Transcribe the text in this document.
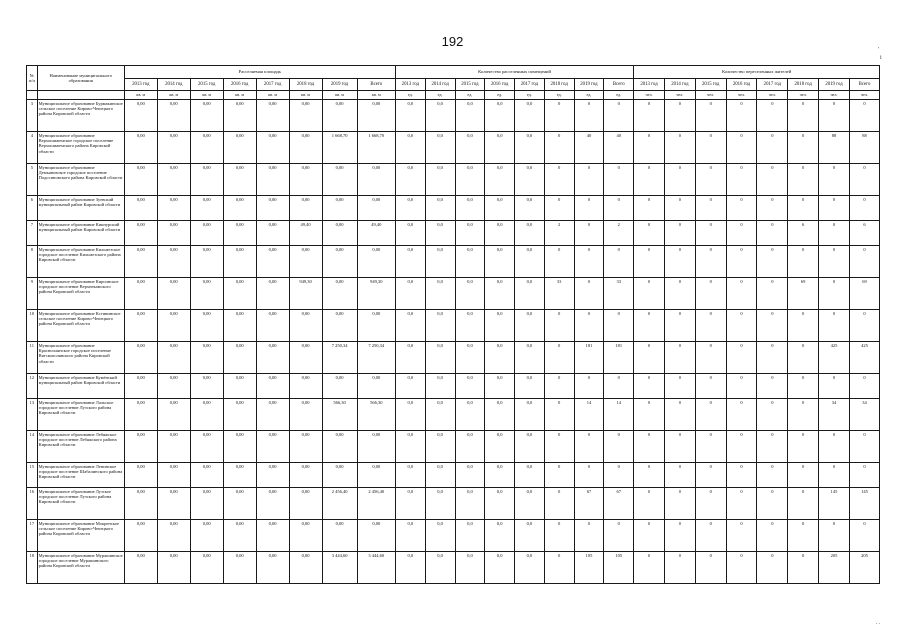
192
'
i
. .
№ п/п	Наименование муниципального образования	Расселяемая площадь								Количество расселенных помещений								Количество переселенных жителей							
		2013 год	2014 год	2015 год	2016 год	2017 год	2018 год	2019 год	Всего	2013 год	2014 год	2015 год	2016 год	2017 год	2018 год	2019 год	Всего	2013 год	2014 год	2015 год	2016 год	2017 год	2018 год	2019 год	Всего
		кв. м	кв. м	кв. м	кв. м	кв. м	кв. м	кв. м	кв. м	ед.	ед.	ед.	ед.	ед.	ед.	ед.	ед.	чел.	чел.	чел.	чел.	чел.	чел.	чел.	чел.
3	Муниципальное образование Бурмакинское сельское поселение Кирово-Чепецкого района Кировской области	0,00	0,00	0,00	0,00	0,00	0,00	0,00	0,00	0,0	0,0	0,0	0,0	0,0	0	0	0	0	0	0	0	0	0	0	0
4	Муниципальное образование Верхошижемское городское поселение Верхошижемского района Кировской области	0,00	0,00	0,00	0,00	0,00	0,00	1 668,70	1 668,70	0,0	0,0	0,0	0,0	0,0	0	40	40	0	0	0	0	0	0	88	88
5	Муниципальное образование Демьяновское городское поселение Подосиновского района Кировской области	0,00	0,00	0,00	0,00	0,00	0,00	0,00	0,00	0,0	0,0	0,0	0,0	0,0	0	0	0	0	0	0	0	0	0	0	0
6	Муниципальное образование Зуевский муниципальный район Кировской области	0,00	0,00	0,00	0,00	0,00	0,00	0,00	0,00	0,0	0,0	0,0	0,0	0,0	0	0	0	0	0	0	0	0	0	0	0
7	Муниципальное образование Кикнурский муниципальный район Кировской области	0,00	0,00	0,00	0,00	0,00	49,40	0,00	49,40	0,0	0,0	0,0	0,0	0,0	2	0	2	0	0	0	0	0	6	0	6
8	Муниципальное образование Кильмезское городское поселение Кильмезского района Кировской области	0,00	0,00	0,00	0,00	0,00	0,00	0,00	0,00	0,0	0,0	0,0	0,0	0,0	0	0	0	0	0	0	0	0	0	0	0
9	Муниципальное образование Кирсинское городское поселение Верхнекамского района Кировской области	0,00	0,00	0,00	0,00	0,00	949,30	0,00	949,30	0,0	0,0	0,0	0,0	0,0	33	0	33	0	0	0	0	0	69	0	69
10	Муниципальное образование Кстининское сельское поселение Кирово-Чепецкого района Кировской области	0,00	0,00	0,00	0,00	0,00	0,00	0,00	0,00	0,0	0,0	0,0	0,0	0,0	0	0	0	0	0	0	0	0	0	0	0
11	Муниципальное образование Красноплянское городское поселение Вятскополянского района Кировской области	0,00	0,00	0,00	0,00	0,00	0,00	7 250,34	7 250,34	0,0	0,0	0,0	0,0	0,0	0	181	181	0	0	0	0	0	0	425	425
12	Муниципальное образование Кумёнский муниципальный район Кировской области	0,00	0,00	0,00	0,00	0,00	0,00	0,00	0,00	0,0	0,0	0,0	0,0	0,0	0	0	0	0	0	0	0	0	0	0	0
13	Муниципальное образование Лальское городское поселение Лузского района Кировской области	0,00	0,00	0,00	0,00	0,00	0,00	566,30	566,30	0,0	0,0	0,0	0,0	0,0	0	14	14	0	0	0	0	0	0	34	34
14	Муниципальное образование Лебяжское городское поселение Лебяжского района Кировской области	0,00	0,00	0,00	0,00	0,00	0,00	0,00	0,00	0,0	0,0	0,0	0,0	0,0	0	0	0	0	0	0	0	0	0	0	0
15	Муниципальное образование Ленинское городское поселение Шабалинского района Кировской области	0,00	0,00	0,00	0,00	0,00	0,00	0,00	0,00	0,0	0,0	0,0	0,0	0,0	0	0	0	0	0	0	0	0	0	0	0
16	Муниципальное образование Лузское городское поселение Лузского района Кировской области	0,00	0,00	0,00	0,00	0,00	0,00	2 456,40	2 456,40	0,0	0,0	0,0	0,0	0,0	0	67	67	0	0	0	0	0	0	145	145
17	Муниципальное образование Мокренское сельское поселение Кирово-Чепецкого района Кировской области	0,00	0,00	0,00	0,00	0,00	0,00	0,00	0,00	0,0	0,0	0,0	0,0	0,0	0	0	0	0	0	0	0	0	0	0	0
18	Муниципальное образование Мурашинское городское поселение Мурашинского района Кировской области	0,00	0,00	0,00	0,00	0,00	0,00	3 444,60	3 444,60	0,0	0,0	0,0	0,0	0,0	0	105	105	0	0	0	0	0	0	205	205
